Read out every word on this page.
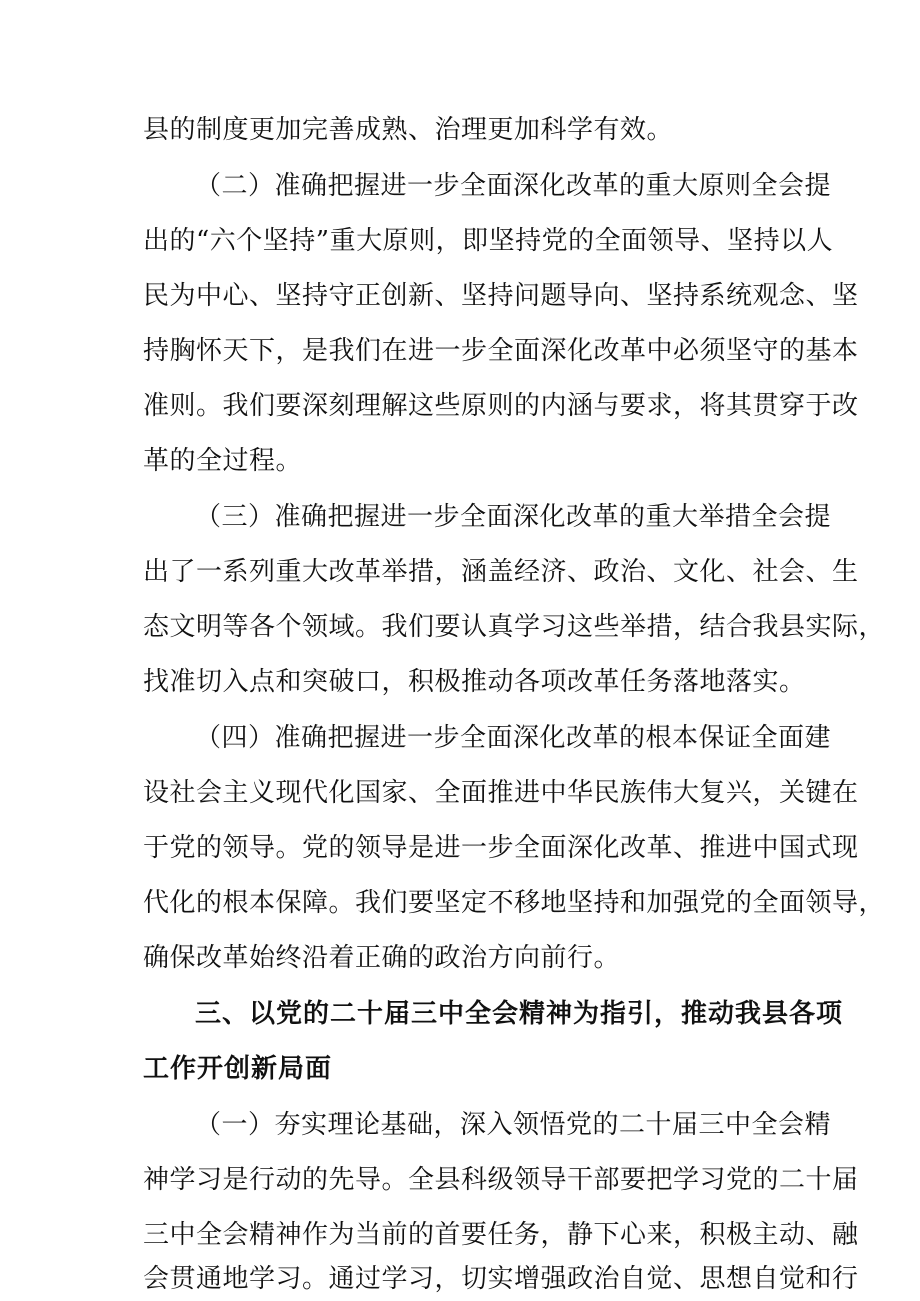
县的制度更加完善成熟、治理更加科学有效。
（二）准确把握进一步全面深化改革的重大原则全会提
出的“六个坚持”重大原则，即坚持党的全面领导、坚持以人
民为中心、坚持守正创新、坚持问题导向、坚持系统观念、坚
持胸怀天下，是我们在进一步全面深化改革中必须坚守的基本
准则。我们要深刻理解这些原则的内涵与要求，将其贯穿于改
革的全过程。
（三）准确把握进一步全面深化改革的重大举措全会提
出了一系列重大改革举措，涵盖经济、政治、文化、社会、生
态文明等各个领域。我们要认真学习这些举措，结合我县实际，
找准切入点和突破口，积极推动各项改革任务落地落实。
（四）准确把握进一步全面深化改革的根本保证全面建
设社会主义现代化国家、全面推进中华民族伟大复兴，关键在
于党的领导。党的领导是进一步全面深化改革、推进中国式现
代化的根本保障。我们要坚定不移地坚持和加强党的全面领导，
确保改革始终沿着正确的政治方向前行。
三、以党的二十届三中全会精神为指引，推动我县各项
工作开创新局面
（一）夯实理论基础，深入领悟党的二十届三中全会精
神学习是行动的先导。全县科级领导干部要把学习党的二十届
三中全会精神作为当前的首要任务，静下心来，积极主动、融
会贯通地学习。通过学习，切实增强政治自觉、思想自觉和行
